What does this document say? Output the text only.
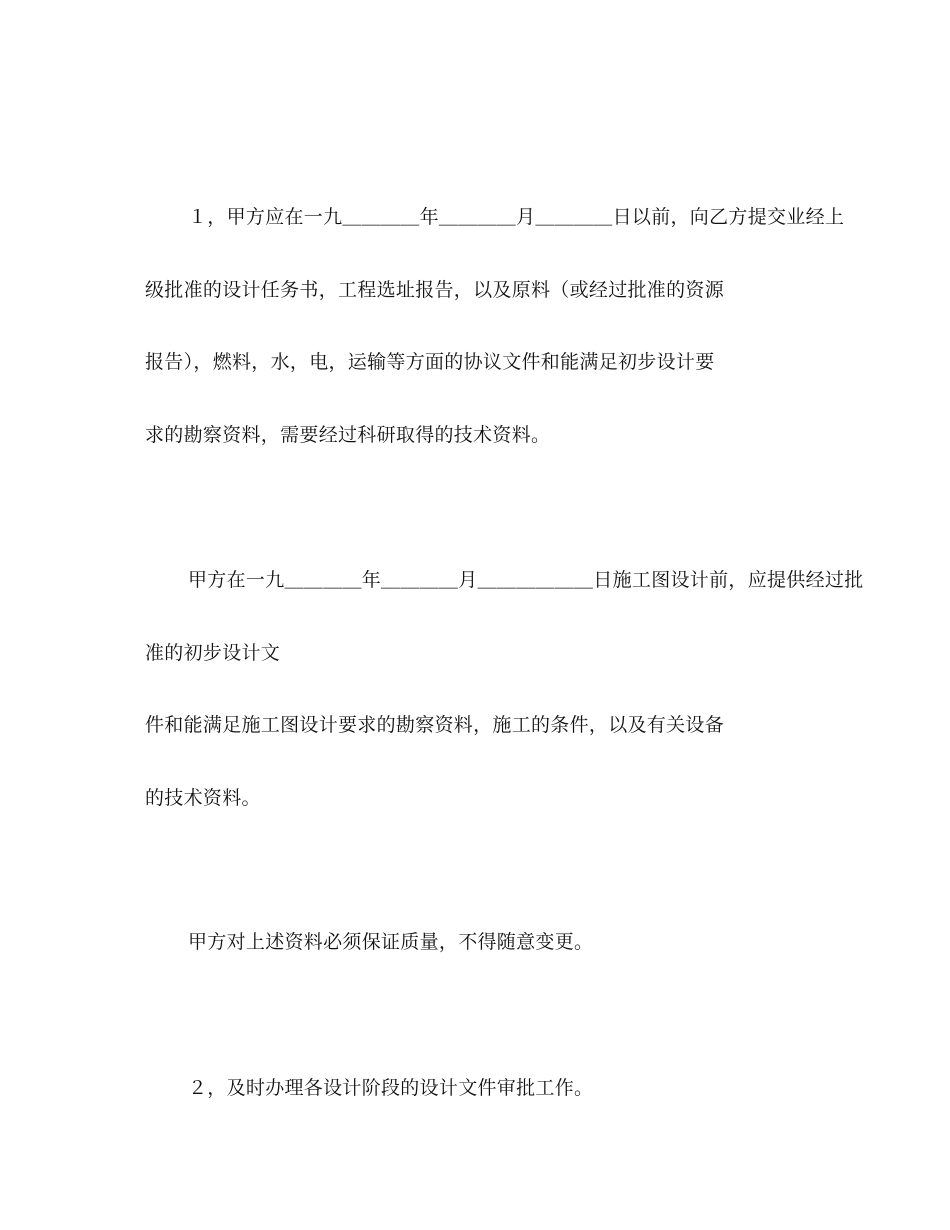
１，甲方应在一九＿＿＿＿年＿＿＿＿月＿＿＿＿日以前，向乙方提交业经上
级批准的设计任务书，工程选址报告，以及原料（或经过批准的资源
报告），燃料，水，电，运输等方面的协议文件和能满足初步设计要
求的勘察资料，需要经过科研取得的技术资料。
甲方在一九＿＿＿＿年＿＿＿＿月＿＿＿＿＿＿日施工图设计前，应提供经过批
准的初步设计文
件和能满足施工图设计要求的勘察资料，施工的条件，以及有关设备
的技术资料。
甲方对上述资料必须保证质量，不得随意变更。
２，及时办理各设计阶段的设计文件审批工作。
